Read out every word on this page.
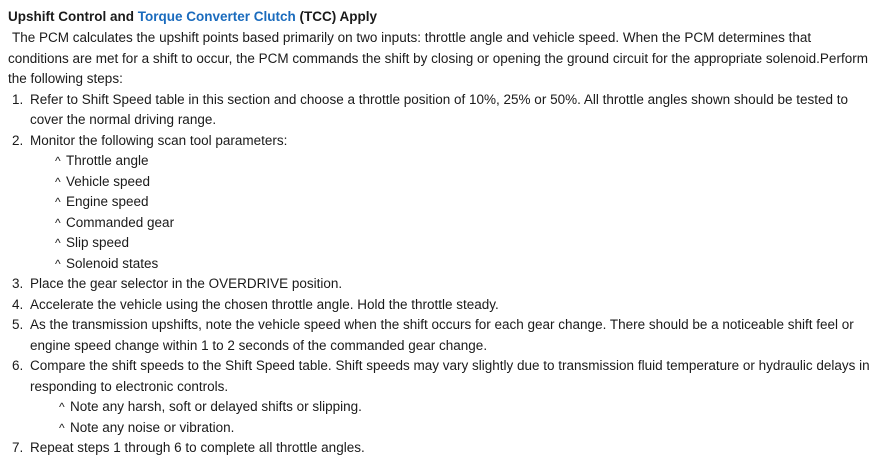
Upshift Control and Torque Converter Clutch (TCC) Apply

The PCM calculates the upshift points based primarily on two inputs: throttle angle and vehicle speed. When the PCM determines that conditions are met for a shift to occur, the PCM commands the shift by closing or opening the ground circuit for the appropriate solenoid.Perform the following steps:

1. Refer to Shift Speed table in this section and choose a throttle position of 10%, 25% or 50%. All throttle angles shown should be tested to cover the normal driving range.
2. Monitor the following scan tool parameters:
^ Throttle angle
^ Vehicle speed
^ Engine speed
^ Commanded gear
^ Slip speed
^ Solenoid states
3. Place the gear selector in the OVERDRIVE position.
4. Accelerate the vehicle using the chosen throttle angle. Hold the throttle steady.
5. As the transmission upshifts, note the vehicle speed when the shift occurs for each gear change. There should be a noticeable shift feel or engine speed change within 1 to 2 seconds of the commanded gear change.
6. Compare the shift speeds to the Shift Speed table. Shift speeds may vary slightly due to transmission fluid temperature or hydraulic delays in responding to electronic controls.
^ Note any harsh, soft or delayed shifts or slipping.
^ Note any noise or vibration.
7. Repeat steps 1 through 6 to complete all throttle angles.
